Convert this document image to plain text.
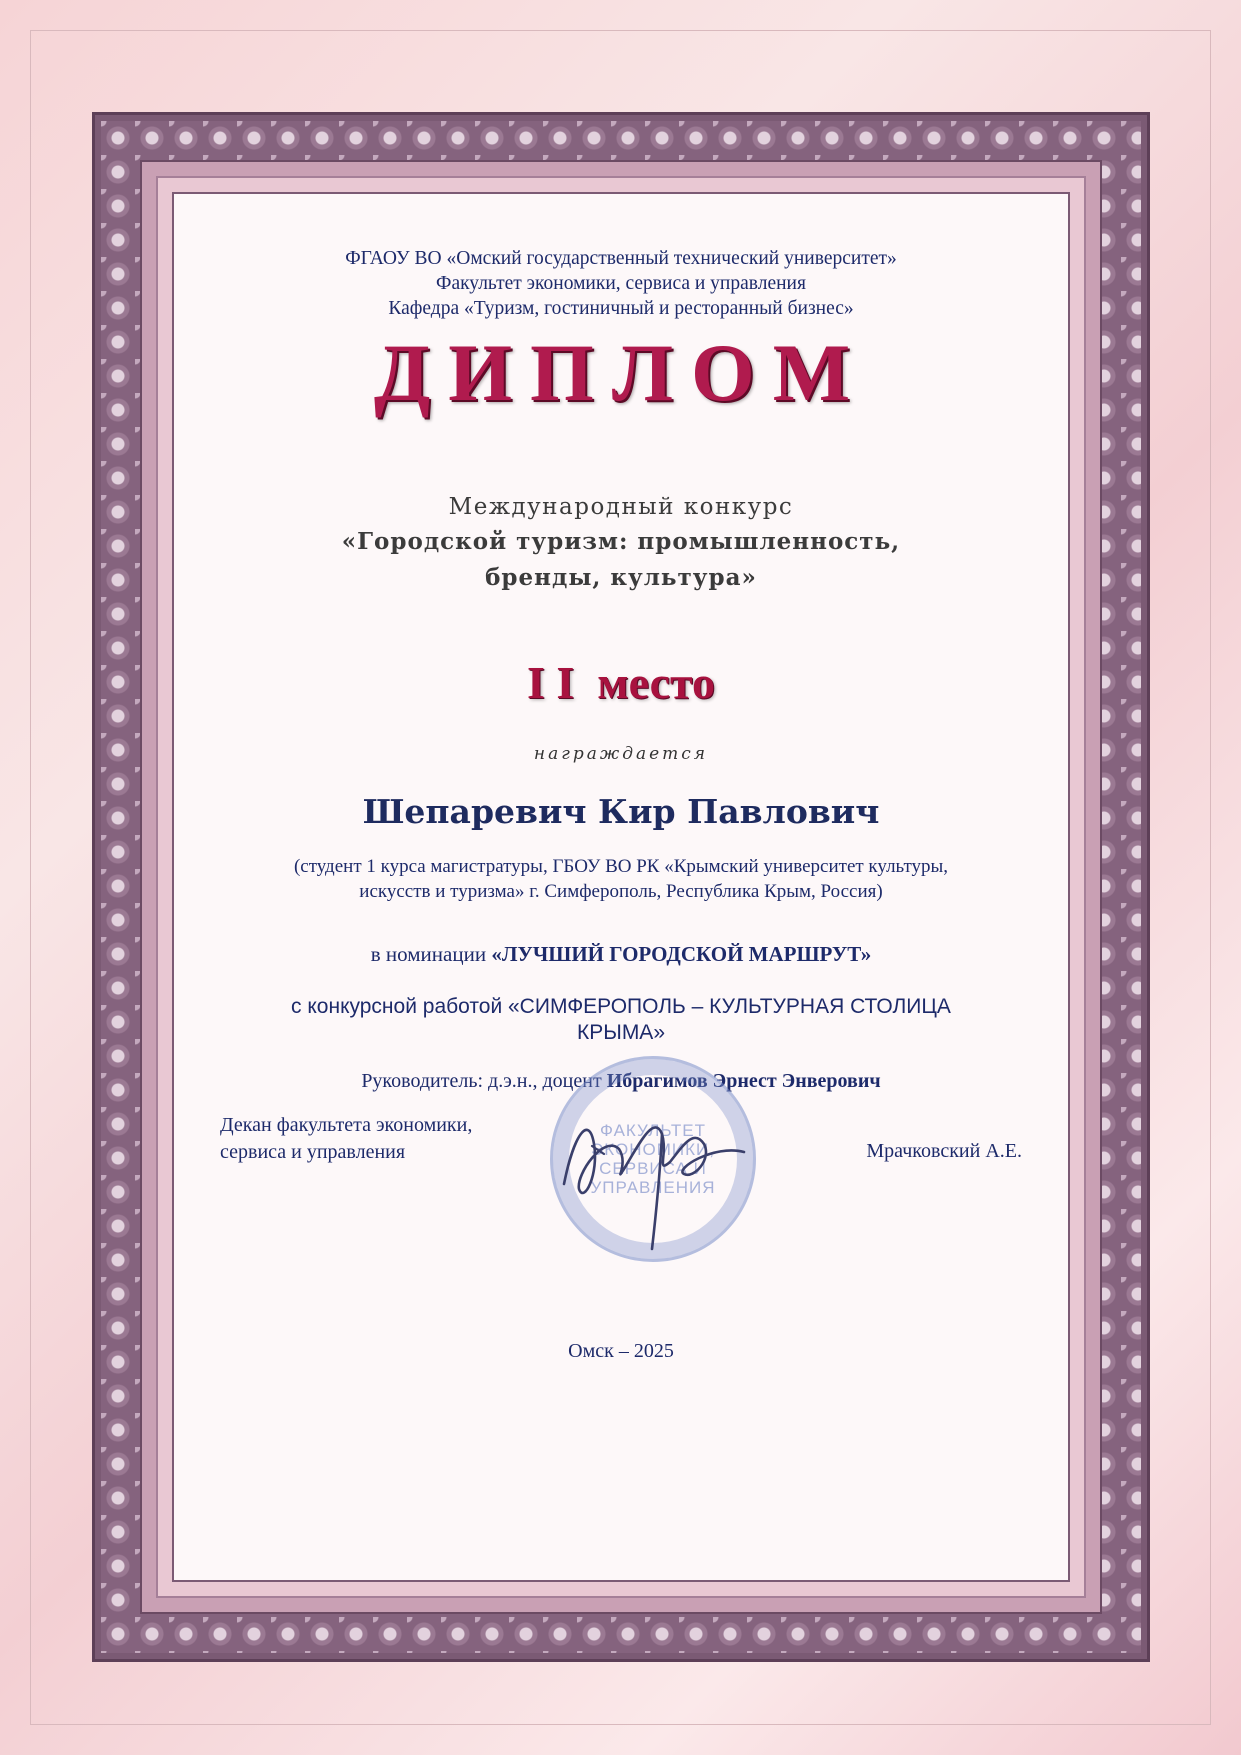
ФГАОУ ВО «Омский государственный технический университет»
Факультет экономики, сервиса и управления
Кафедра «Туризм, гостиничный и ресторанный бизнес»
ДИПЛОМ
Международный конкурс
«Городской туризм: промышленность,
бренды, культура»
I I  место
награждается
Шепаревич Кир Павлович
(студент 1 курса магистратуры, ГБОУ ВО РК «Крымский университет культуры,
искусств и туризма» г. Симферополь, Республика Крым, Россия)
в номинации «ЛУЧШИЙ ГОРОДСКОЙ МАРШРУТ»
с конкурсной работой «СИМФЕРОПОЛЬ – КУЛЬТУРНАЯ СТОЛИЦА
КРЫМА»
Руководитель: д.э.н., доцент Ибрагимов Эрнест Энверович
ФАКУЛЬТЕТ
ЭКОНОМИКИ,
СЕРВИСА И
УПРАВЛЕНИЯ
Декан факультета экономики,
сервиса и управления	Мрачковский А.Е.
Омск – 2025
